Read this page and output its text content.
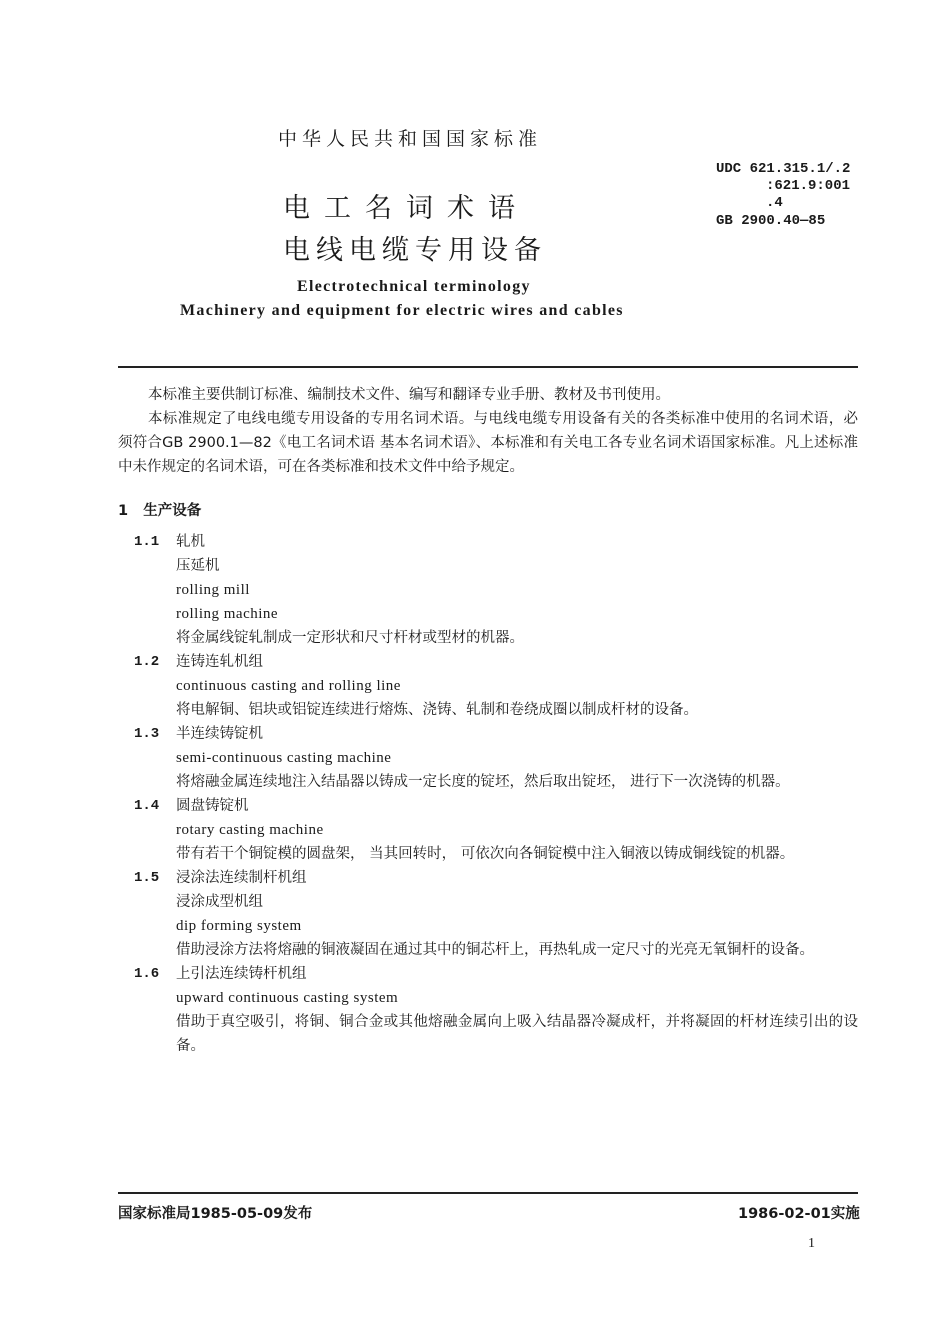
中华人民共和国国家标准
电工名词术语
电线电缆专用设备
UDC 621.315.1/.2
:621.9:001
.4
GB 2900.40—85
Electrotechnical terminology
Machinery and equipment for electric wires and cables

本标准主要供制订标准、编制技术文件、编写和翻译专业手册、教材及书刊使用。

本标准规定了电线电缆专用设备的专用名词术语。与电线电缆专用设备有关的各类标准中使用的名词术语，必须符合GB 2900.1—82《电工名词术语 基本名词术语》、本标准和有关电工各专业名词术语国家标准。凡上述标准中未作规定的名词术语，可在各类标准和技术文件中给予规定。

1 生产设备
1.1	轧机
压延机
rolling mill
rolling machine
将金属线锭轧制成一定形状和尺寸杆材或型材的机器。
1.2	连铸连轧机组
continuous casting and rolling line
将电解铜、铝块或铝锭连续进行熔炼、浇铸、轧制和卷绕成圈以制成杆材的设备。
1.3	半连续铸锭机
semi-continuous casting machine
将熔融金属连续地注入结晶器以铸成一定长度的锭坯，然后取出锭坯， 进行下一次浇铸的机器。
1.4	圆盘铸锭机
rotary casting machine
带有若干个铜锭模的圆盘架， 当其回转时， 可依次向各铜锭模中注入铜液以铸成铜线锭的机器。
1.5	浸涂法连续制杆机组
浸涂成型机组
dip forming system
借助浸涂方法将熔融的铜液凝固在通过其中的铜芯杆上，再热轧成一定尺寸的光亮无氧铜杆的设备。
1.6	上引法连续铸杆机组
upward continuous casting system
借助于真空吸引，将铜、铜合金或其他熔融金属向上吸入结晶器冷凝成杆，并将凝固的杆材连续引出的设备。
国家标准局1985-05-09发布	1986-02-01实施
1
